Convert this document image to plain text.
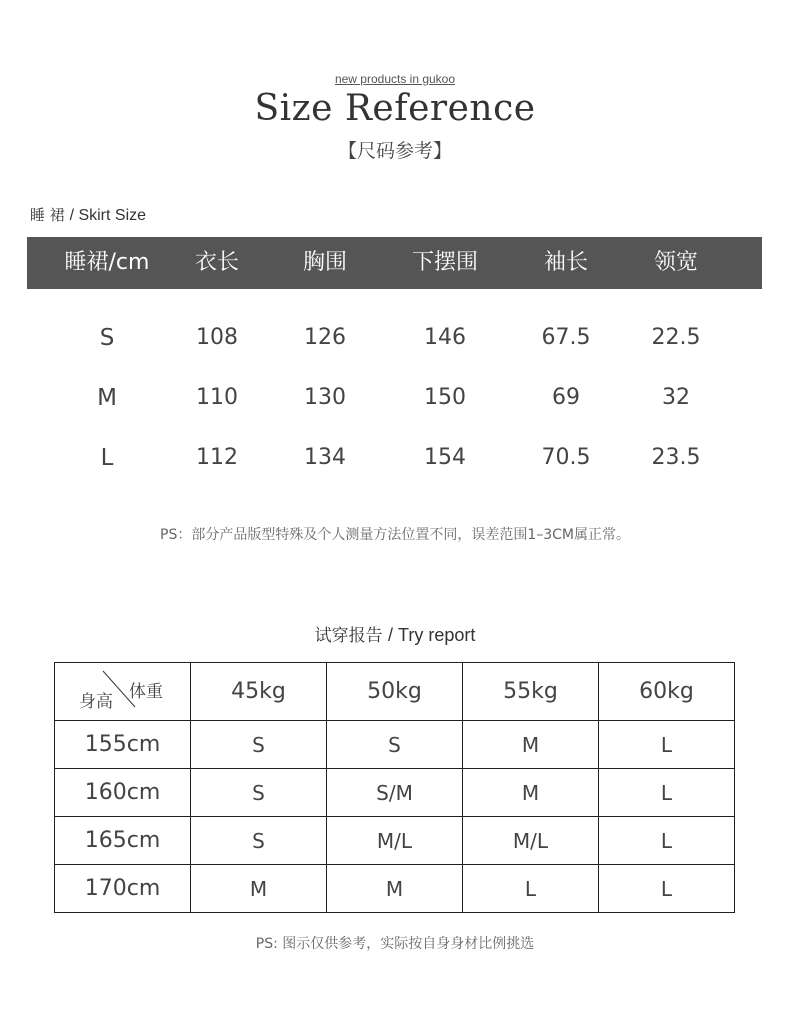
new products in gukoo
Size Reference
【尺码参考】
睡 裙 / Skirt Size
睡裙/cm	衣长	胸围	下摆围	袖长	领宽
S	108	126	146	67.5	22.5
M	110	130	150	69	32
L	112	134	154	70.5	23.5
PS：部分产品版型特殊及个人测量方法位置不同，误差范围1–3CM属正常。
试穿报告 / Try report
身高 体重	45kg	50kg	55kg	60kg
155cm	S	S	M	L
160cm	S	S/M	M	L
165cm	S	M/L	M/L	L
170cm	M	M	L	L
PS: 图示仅供参考，实际按自身身材比例挑选
